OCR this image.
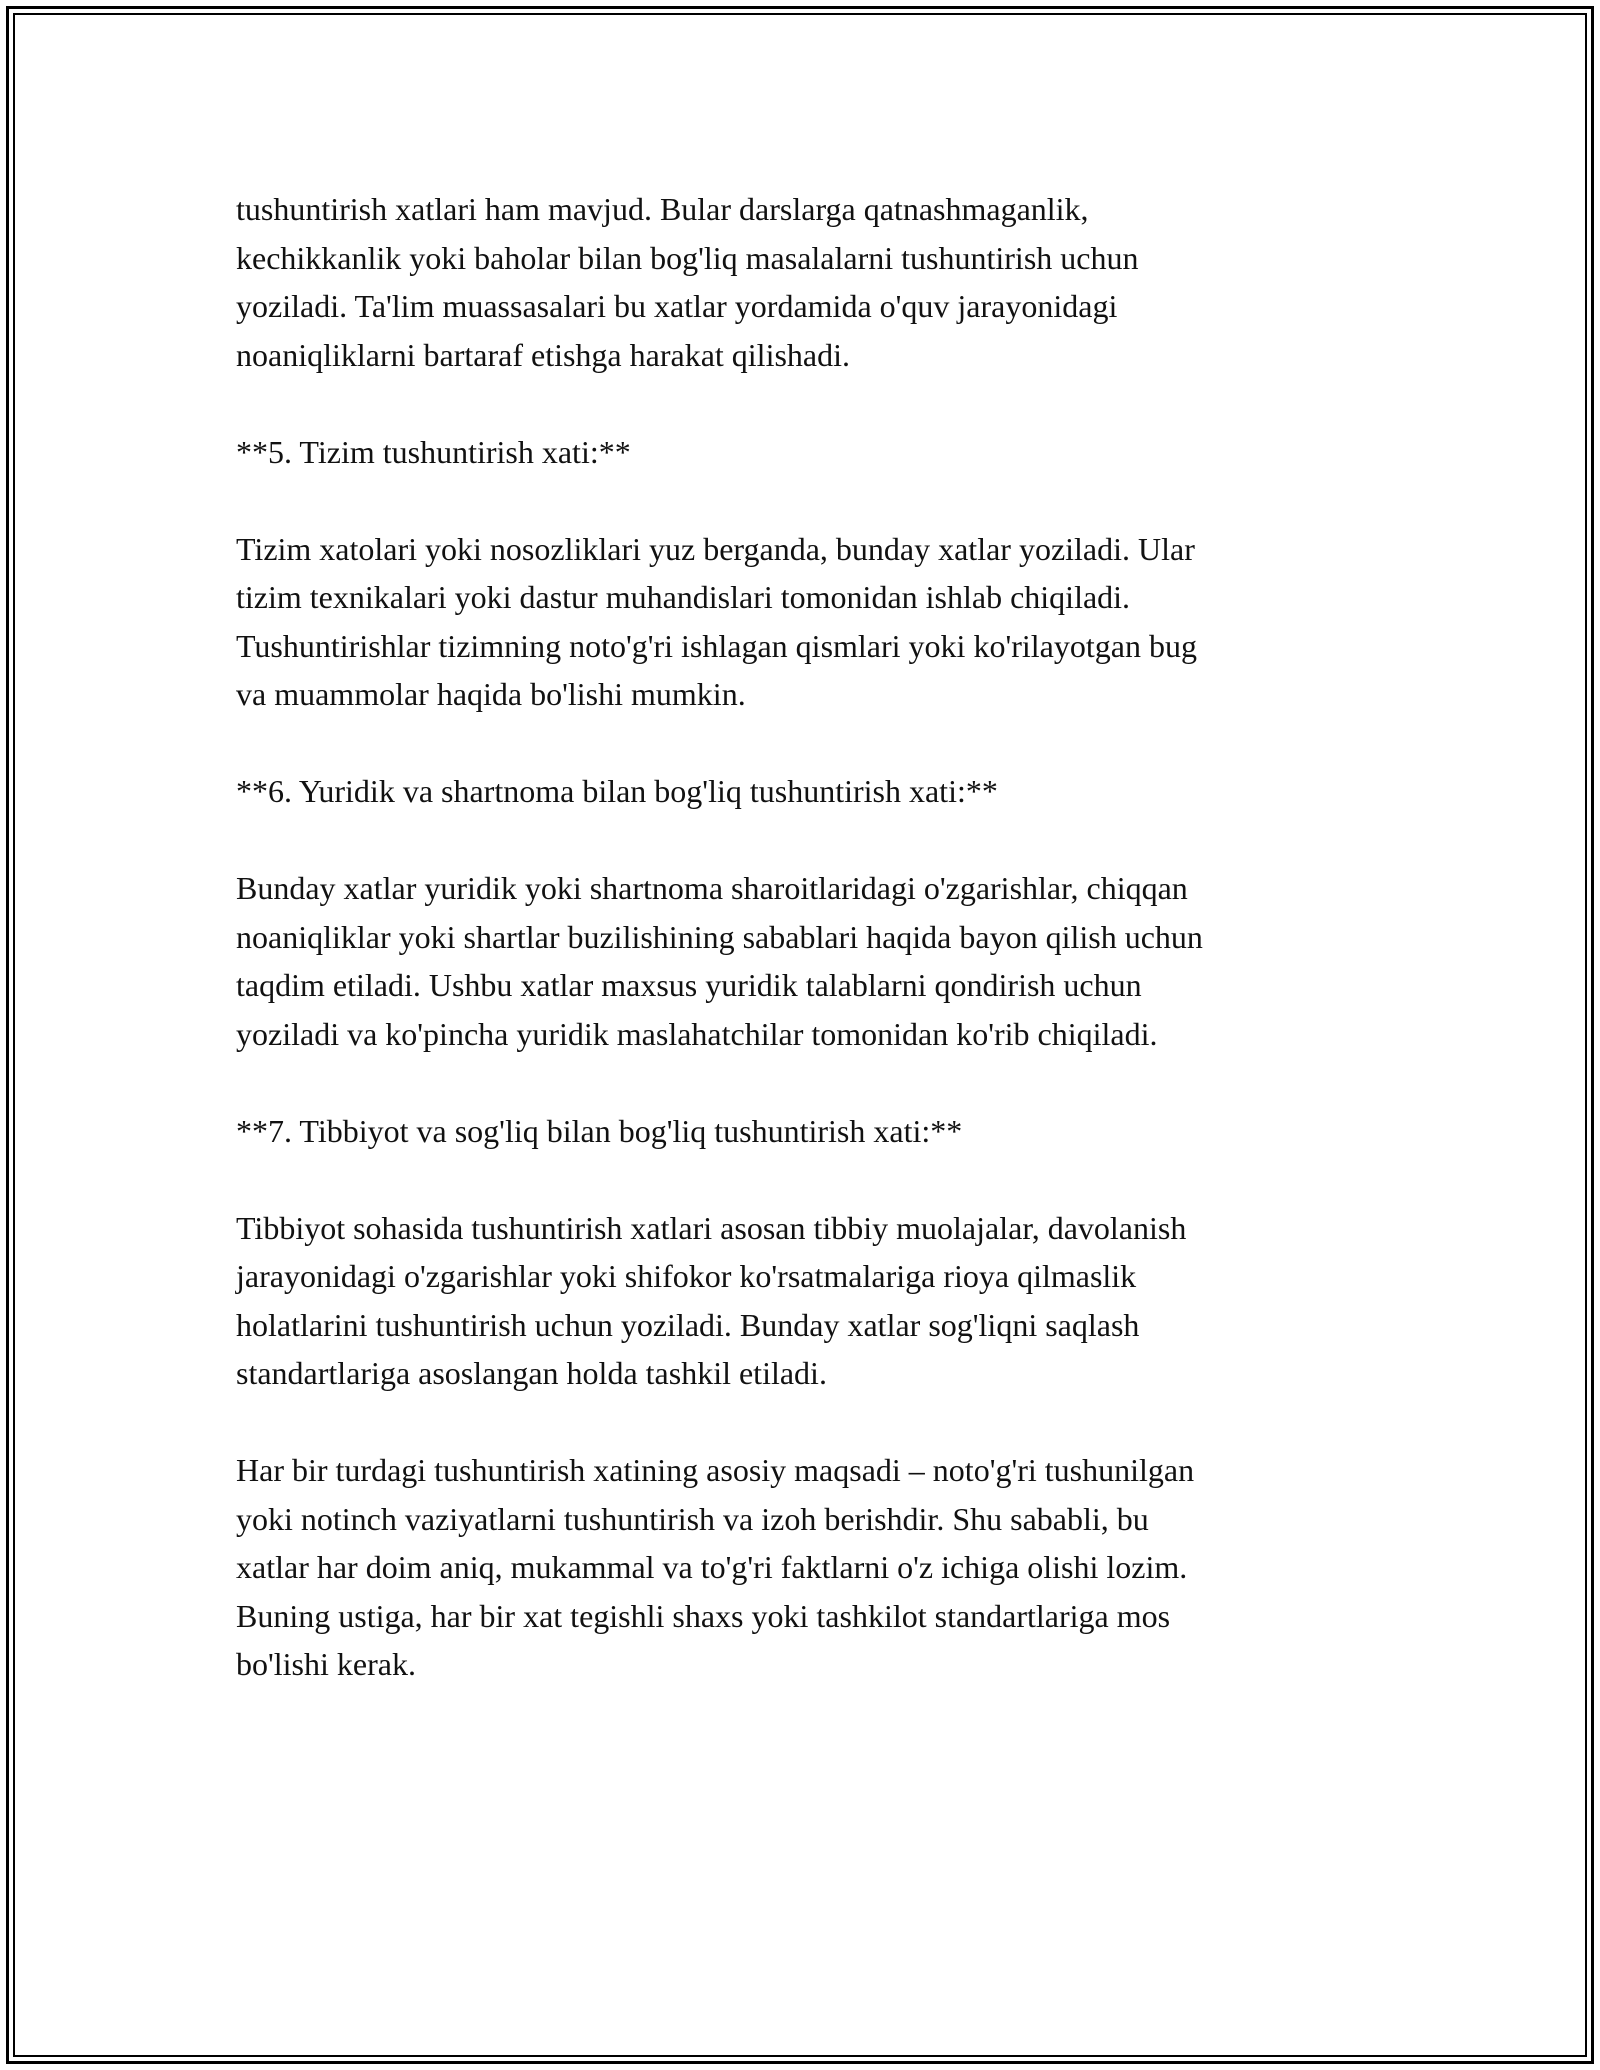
tushuntirish xatlari ham mavjud. Bular darslarga qatnashmaganlik,
kechikkanlik yoki baholar bilan bog'liq masalalarni tushuntirish uchun
yoziladi. Ta'lim muassasalari bu xatlar yordamida o'quv jarayonidagi
noaniqliklarni bartaraf etishga harakat qilishadi.

**5. Tizim tushuntirish xati:**

Tizim xatolari yoki nosozliklari yuz berganda, bunday xatlar yoziladi. Ular
tizim texnikalari yoki dastur muhandislari tomonidan ishlab chiqiladi.
Tushuntirishlar tizimning noto'g'ri ishlagan qismlari yoki ko'rilayotgan bug
va muammolar haqida bo'lishi mumkin.

**6. Yuridik va shartnoma bilan bog'liq tushuntirish xati:**

Bunday xatlar yuridik yoki shartnoma sharoitlaridagi o'zgarishlar, chiqqan
noaniqliklar yoki shartlar buzilishining sabablari haqida bayon qilish uchun
taqdim etiladi. Ushbu xatlar maxsus yuridik talablarni qondirish uchun
yoziladi va ko'pincha yuridik maslahatchilar tomonidan ko'rib chiqiladi.

**7. Tibbiyot va sog'liq bilan bog'liq tushuntirish xati:**

Tibbiyot sohasida tushuntirish xatlari asosan tibbiy muolajalar, davolanish
jarayonidagi o'zgarishlar yoki shifokor ko'rsatmalariga rioya qilmaslik
holatlarini tushuntirish uchun yoziladi. Bunday xatlar sog'liqni saqlash
standartlariga asoslangan holda tashkil etiladi.

Har bir turdagi tushuntirish xatining asosiy maqsadi – noto'g'ri tushunilgan
yoki notinch vaziyatlarni tushuntirish va izoh berishdir. Shu sababli, bu
xatlar har doim aniq, mukammal va to'g'ri faktlarni o'z ichiga olishi lozim.
Buning ustiga, har bir xat tegishli shaxs yoki tashkilot standartlariga mos
bo'lishi kerak.
